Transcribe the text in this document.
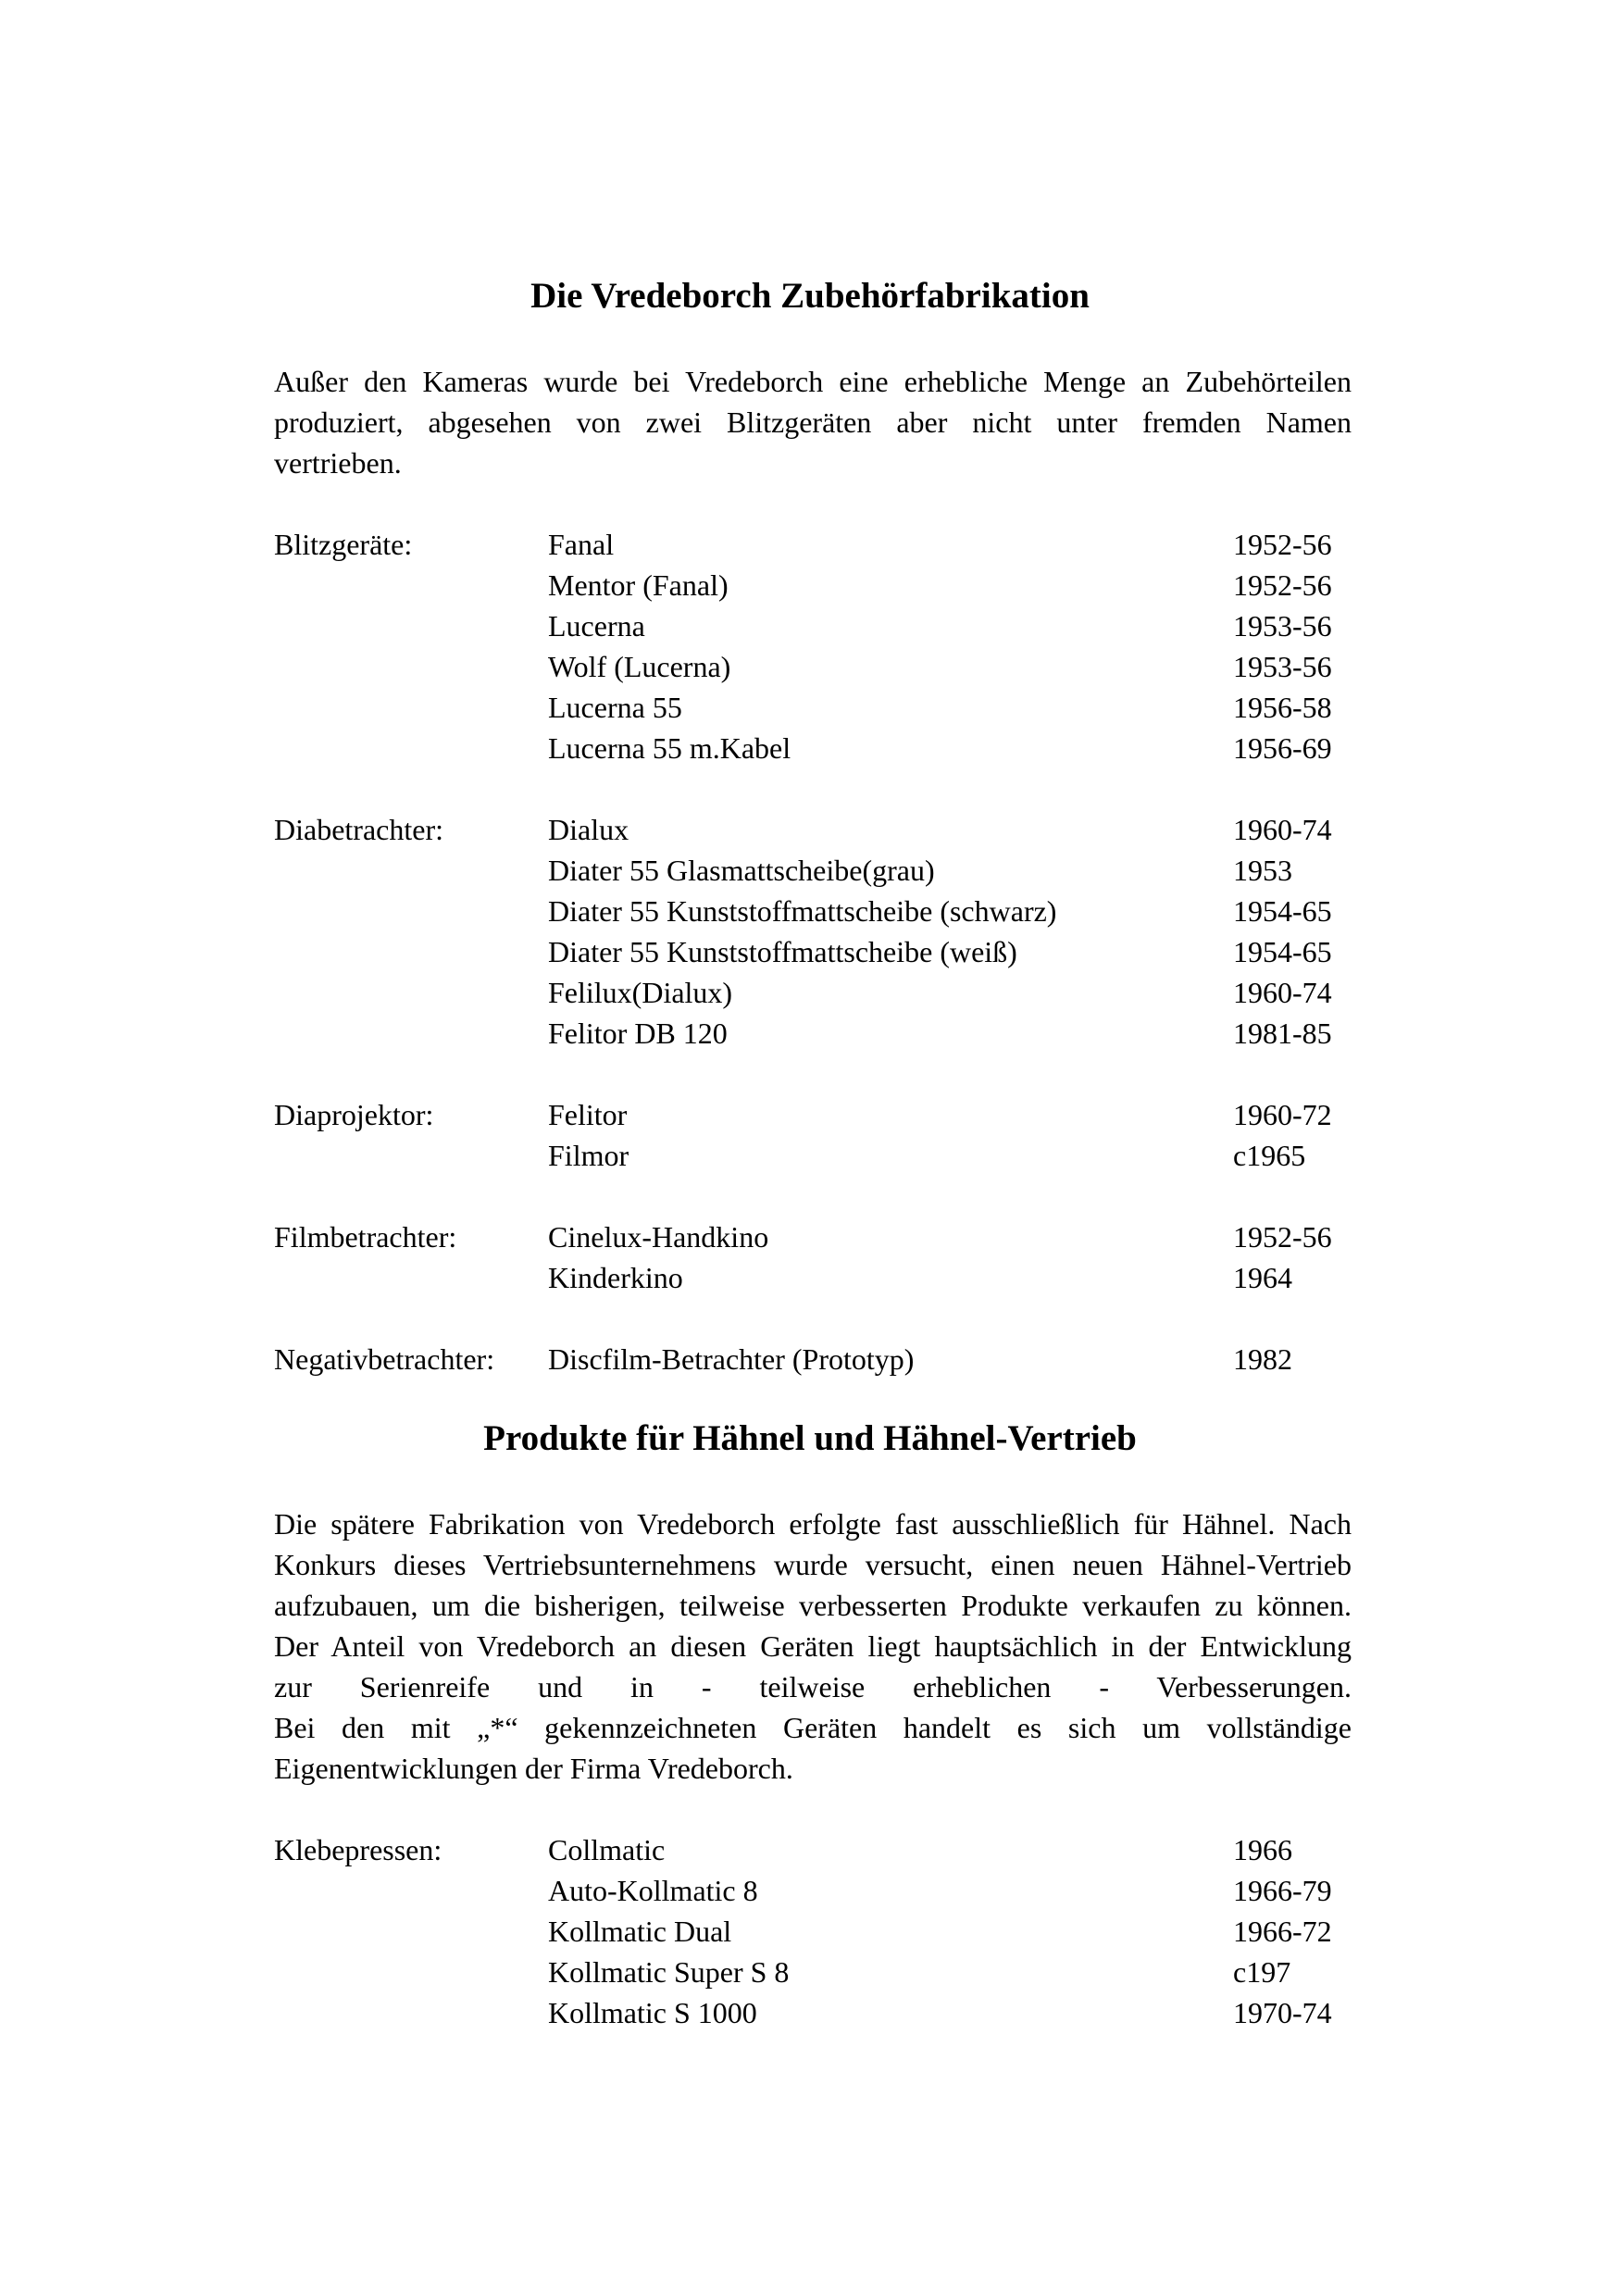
Die Vredeborch Zubehörfabrikation
Außer den Kameras wurde bei Vredeborch eine erhebliche Menge an Zubehörteilen
produziert, abgesehen von zwei Blitzgeräten aber nicht unter fremden Namen
vertrieben.
Blitzgeräte:	Fanal	1952-56
Mentor (Fanal)	1952-56
Lucerna	1953-56
Wolf (Lucerna)	1953-56
Lucerna 55	1956-58
Lucerna 55 m.Kabel	1956-69
Diabetrachter:	Dialux	1960-74
Diater 55 Glasmattscheibe(grau)	1953
Diater 55 Kunststoffmattscheibe (schwarz)	1954-65
Diater 55 Kunststoffmattscheibe (weiß)	1954-65
Felilux(Dialux)	1960-74
Felitor DB 120	1981-85
Diaprojektor:	Felitor	1960-72
Filmor	c1965
Filmbetrachter:	Cinelux-Handkino	1952-56
Kinderkino	1964
Negativbetrachter: Discfilm-Betrachter (Prototyp)	1982
Produkte für Hähnel und Hähnel-Vertrieb
Die spätere Fabrikation von Vredeborch erfolgte fast ausschließlich für Hähnel. Nach
Konkurs dieses Vertriebsunternehmens wurde versucht, einen neuen Hähnel-Vertrieb
aufzubauen, um die bisherigen, teilweise verbesserten Produkte verkaufen zu können.
Der Anteil von Vredeborch an diesen Geräten liegt hauptsächlich in der Entwicklung
zur Serienreife und in - teilweise erheblichen - Verbesserungen.
Bei den mit „*“ gekennzeichneten Geräten handelt es sich um vollständige
Eigenentwicklungen der Firma Vredeborch.
Klebepressen:	Collmatic	1966
Auto-Kollmatic 8	1966-79
Kollmatic Dual	1966-72
Kollmatic Super S 8	c197
Kollmatic S 1000	1970-74
